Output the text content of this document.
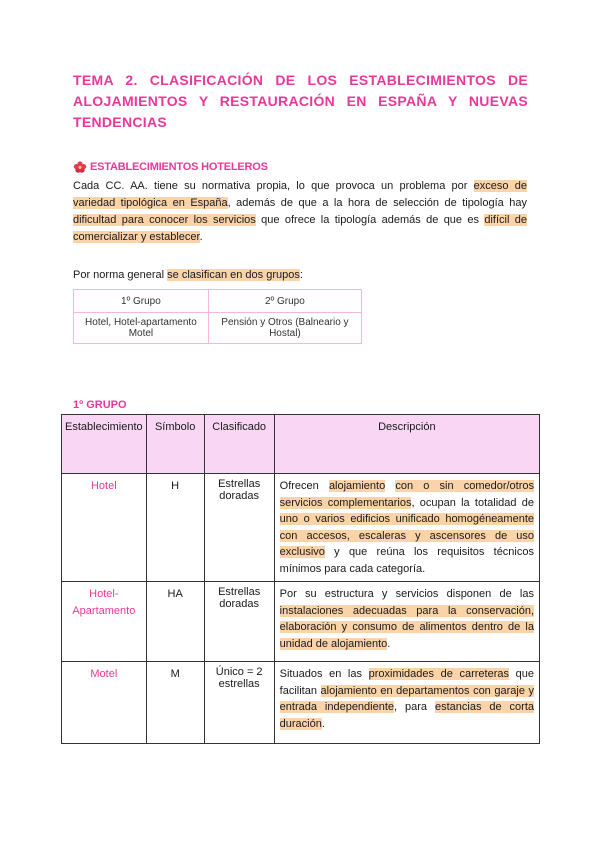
TEMA 2. CLASIFICACIÓN DE LOS ESTABLECIMIENTOS DE ALOJAMIENTOS Y RESTAURACIÓN EN ESPAÑA Y NUEVAS TENDENCIAS
ESTABLECIMIENTOS HOTELEROS
Cada CC. AA. tiene su normativa propia, lo que provoca un problema por exceso de variedad tipológica en España, además de que a la hora de selección de tipología hay dificultad para conocer los servicios que ofrece la tipología además de que es difícil de comercializar y establecer.
Por norma general se clasifican en dos grupos:
1º Grupo	2º Grupo
Hotel, Hotel-apartamento Motel	Pensión y Otros (Balneario y Hostal)
1º GRUPO
Establecimiento	Símbolo	Clasificado	Descripción
Hotel	H	Estrellas doradas	Ofrecen alojamiento con o sin comedor/otros servicios complementarios, ocupan la totalidad de uno o varios edificios unificado homogéneamente con accesos, escaleras y ascensores de uso exclusivo y que reúna los requisitos técnicos mínimos para cada categoría.
Hotel-Apartamento	HA	Estrellas doradas	Por su estructura y servicios disponen de las instalaciones adecuadas para la conservación, elaboración y consumo de alimentos dentro de la unidad de alojamiento.
Motel	M	Único = 2 estrellas	Situados en las proximidades de carreteras que facilitan alojamiento en departamentos con garaje y entrada independiente, para estancias de corta duración.
